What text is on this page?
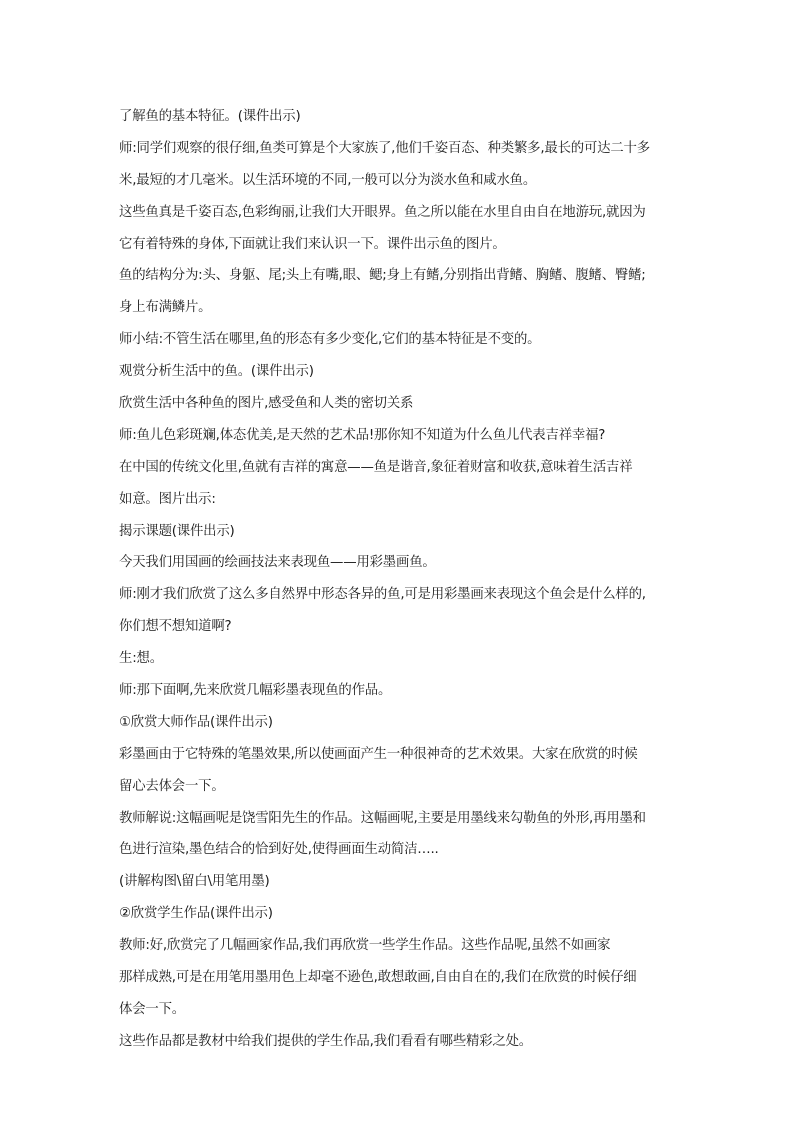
了解鱼的基本特征。(课件出示)
师:同学们观察的很仔细,鱼类可算是个大家族了,他们千姿百态、种类繁多,最长的可达二十多
米,最短的才几毫米。以生活环境的不同,一般可以分为淡水鱼和咸水鱼。
这些鱼真是千姿百态,色彩绚丽,让我们大开眼界。鱼之所以能在水里自由自在地游玩,就因为
它有着特殊的身体,下面就让我们来认识一下。课件出示鱼的图片。
鱼的结构分为:头、身躯、尾;头上有嘴,眼、鳃;身上有鳍,分别指出背鳍、胸鳍、腹鳍、臀鳍;
身上布满鳞片。
师小结:不管生活在哪里,鱼的形态有多少变化,它们的基本特征是不变的。
观赏分析生活中的鱼。(课件出示)
欣赏生活中各种鱼的图片,感受鱼和人类的密切关系
师:鱼儿色彩斑斓,体态优美,是天然的艺术品!那你知不知道为什么鱼儿代表吉祥幸福?
在中国的传统文化里,鱼就有吉祥的寓意——鱼是谐音,象征着财富和收获,意味着生活吉祥
如意。图片出示:
揭示课题(课件出示)
今天我们用国画的绘画技法来表现鱼——用彩墨画鱼。
师:刚才我们欣赏了这么多自然界中形态各异的鱼,可是用彩墨画来表现这个鱼会是什么样的,
你们想不想知道啊?
生:想。
师:那下面啊,先来欣赏几幅彩墨表现鱼的作品。
①欣赏大师作品(课件出示)
彩墨画由于它特殊的笔墨效果,所以使画面产生一种很神奇的艺术效果。大家在欣赏的时候
留心去体会一下。
教师解说:这幅画呢是饶雪阳先生的作品。这幅画呢,主要是用墨线来勾勒鱼的外形,再用墨和
色进行渲染,墨色结合的恰到好处,使得画面生动简洁…..
(讲解构图\留白\用笔用墨)
②欣赏学生作品(课件出示)
教师:好,欣赏完了几幅画家作品,我们再欣赏一些学生作品。这些作品呢,虽然不如画家
那样成熟,可是在用笔用墨用色上却毫不逊色,敢想敢画,自由自在的,我们在欣赏的时候仔细
体会一下。
这些作品都是教材中给我们提供的学生作品,我们看看有哪些精彩之处。
